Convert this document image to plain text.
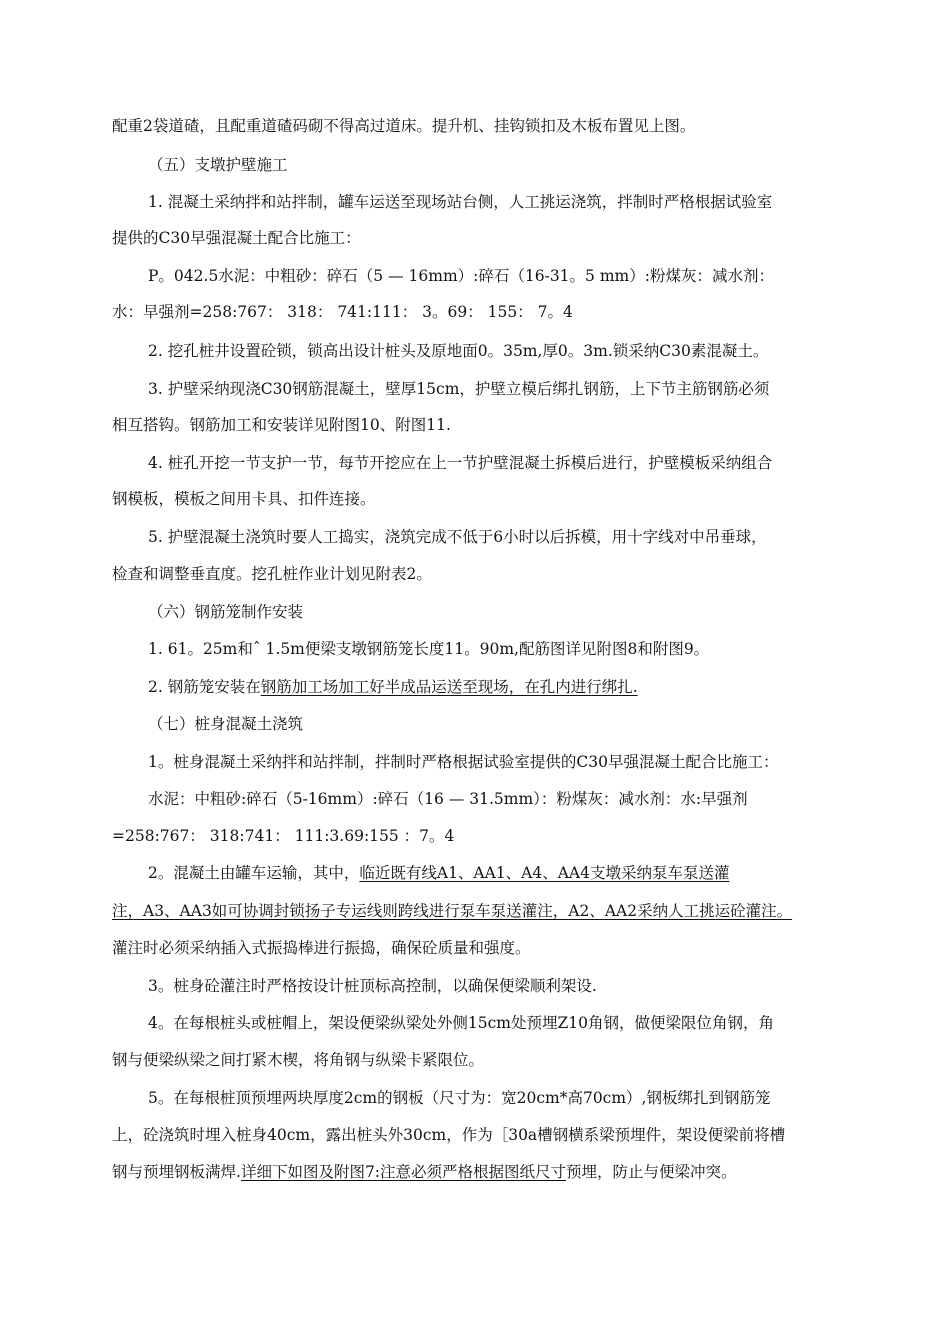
配重2袋道碴，且配重道碴码砌不得高过道床。提升机、挂钩锁扣及木板布置见上图。
（五）支墩护壁施工
1. 混凝土采纳拌和站拌制，罐车运送至现场站台侧，人工挑运浇筑，拌制时严格根据试验室
提供的C30早强混凝土配合比施工：
P。042.5水泥：中粗砂：碎石（5 — 16mm）:碎石（16-31。5 mm）:粉煤灰：减水剂：
水：早强剂=258:767： 318： 741:111： 3。69： 155： 7。4
2. 挖孔桩井设置砼锁，锁高出设计桩头及原地面0。35m,厚0。3m.锁采纳C30素混凝土。
3. 护壁采纳现浇C30钢筋混凝土，壁厚15cm，护壁立模后绑扎钢筋，上下节主筋钢筋必须
相互搭钩。钢筋加工和安装详见附图10、附图11.
4. 桩孔开挖一节支护一节，每节开挖应在上一节护壁混凝土拆模后进行，护壁模板采纳组合
钢模板，模板之间用卡具、扣件连接。
5. 护壁混凝土浇筑时要人工捣实，浇筑完成不低于6小时以后拆模，用十字线对中吊垂球，
检查和调整垂直度。挖孔桩作业计划见附表2。
（六）钢筋笼制作安装
1. 61。25m和ˆ 1.5m便梁支墩钢筋笼长度11。90m,配筋图详见附图8和附图9。
2. 钢筋笼安装在钢筋加工场加工好半成品运送至现场，在孔内进行绑扎.
（七）桩身混凝土浇筑
1。桩身混凝土采纳拌和站拌制，拌制时严格根据试验室提供的C30早强混凝土配合比施工：
水泥：中粗砂:碎石（5-16mm）:碎石（16 — 31.5mm）：粉煤灰：减水剂：水:早强剂
=258:767： 318:741： 111:3.69:155 ：7。4
2。混凝土由罐车运输，其中，临近既有线A1、AA1、A4、AA4支墩采纳泵车泵送灌
注，A3、AA3如可协调封锁扬子专运线则跨线进行泵车泵送灌注，A2、AA2采纳人工挑运砼灌注。
灌注时必须采纳插入式振捣棒进行振捣，确保砼质量和强度。
3。桩身砼灌注时严格按设计桩顶标高控制，以确保便梁顺利架设.
4。在每根桩头或桩帽上，架设便梁纵梁处外侧15cm处预埋Z10角钢，做便梁限位角钢，角
钢与便梁纵梁之间打紧木楔，将角钢与纵梁卡紧限位。
5。在每根桩顶预埋两块厚度2cm的钢板（尺寸为：宽20cm*高70cm）,钢板绑扎到钢筋笼
上，砼浇筑时埋入桩身40cm，露出桩头外30cm，作为［30a槽钢横系梁预埋件，架设便梁前将槽
钢与预埋钢板满焊.详细下如图及附图7:注意必须严格根据图纸尺寸预埋，防止与便梁冲突。
